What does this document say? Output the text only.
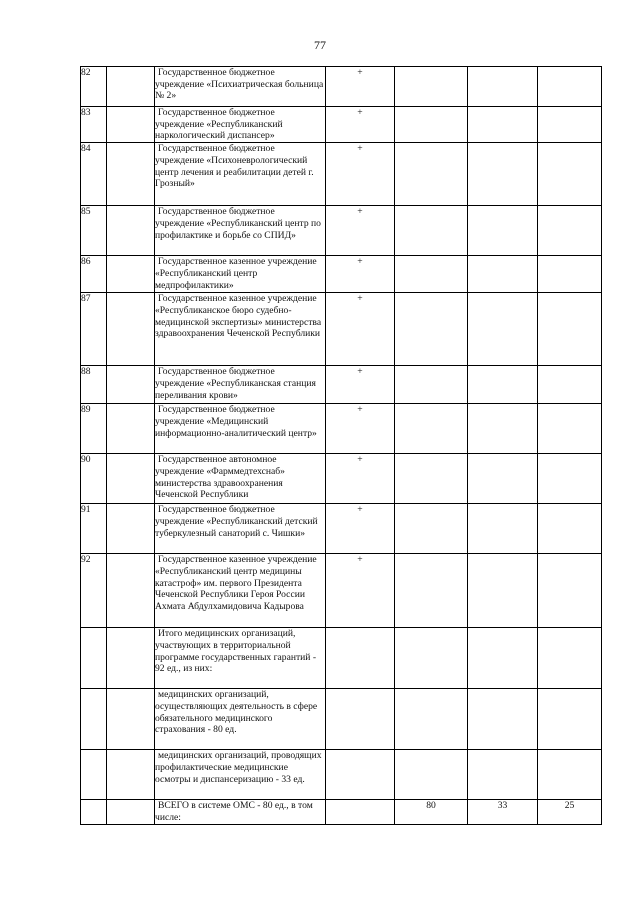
77
82		Государственное бюджетное учреждение «Психиатрическая больница № 2»	+			
83		Государственное бюджетное учреждение «Республиканский наркологический диспансер»	+			
84		Государственное бюджетное учреждение «Психоневрологический центр лечения и реабилитации детей г. Грозный»	+			
85		Государственное бюджетное учреждение «Республиканский центр по профилактике и борьбе со СПИД»	+			
86		Государственное казенное учреждение «Республиканский центр медпрофилактики»	+			
87		Государственное казенное учреждение «Республиканское бюро судебно-медицинской экспертизы» министерства здравоохранения Чеченской Республики	+			
88		Государственное бюджетное учреждение «Республиканская станция переливания крови»	+			
89		Государственное бюджетное учреждение «Медицинский информационно-аналитический центр»	+			
90		Государственное автономное учреждение «Фарммедтехснаб» министерства здравоохранения Чеченской Республики	+			
91		Государственное бюджетное учреждение «Республиканский детский туберкулезный санаторий с. Чишки»	+			
92		Государственное казенное учреждение «Республиканский центр медицины катастроф» им. первого Президента Чеченской Республики Героя России Ахмата Абдулхамидовича Кадырова	+			
		Итого медицинских организаций, участвующих в территориальной программе государственных гарантий - 92 ед., из них:				
		медицинских организаций, осуществляющих деятельность в сфере обязательного медицинского страхования - 80 ед.				
		медицинских организаций, проводящих профилактические медицинские осмотры и диспансеризацию - 33 ед.				
		ВСЕГО в системе ОМС - 80 ед., в том числе:		80	33	25
